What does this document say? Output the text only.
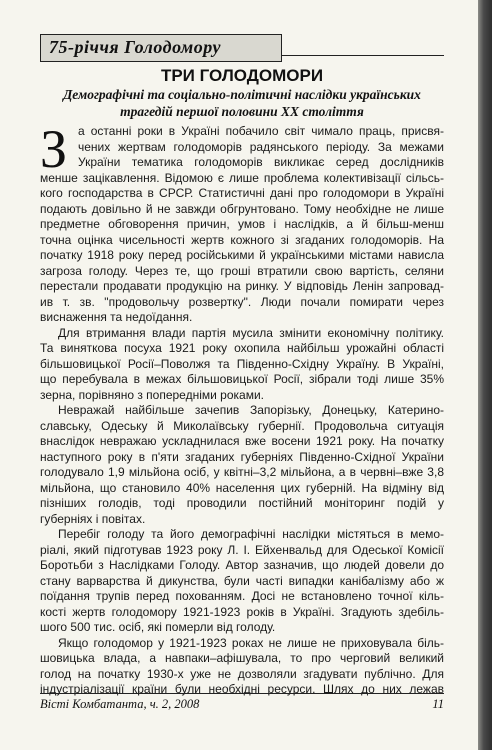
75-річчя Голодомору
ТРИ ГОЛОДОМОРИ
Демографічні та соціально-політичні наслідки українських
трагедій першої половини ХХ століття
З а останні роки в Україні побачило світ чимало праць, присвя-
чених жертвам голодоморів радянського періоду. За межами
України тематика голодоморів викликає серед дослідників
менше зацікавлення. Відомою є лише проблема колективізації сільсь-
кого господарства в СРСР. Статистичні дані про голодомори в Україні
подають довільно й не завжди обгрунтовано. Тому необхідне не лише
предметне обговорення причин, умов і наслідків, а й більш-менш
точна оцінка чисельності жертв кожного зі згаданих голодоморів. На
початку 1918 року перед російськими й українськими містами нависла
загроза голоду. Через те, що гроші втратили свою вартість, селяни
перестали продавати продукцію на ринку. У відповідь Ленін запровад-
ив т. зв. "продовольчу розвертку". Люди почали помирати через
виснаження та недоїдання.
Для втримання влади партія мусила змінити економічну політику.
Та виняткова посуха 1921 року охопила найбільш урожайні області
більшовицької Росії–Поволжя та Південно-Східну Україну. В Україні,
що перебувала в межах більшовицької Росії, зібрали тоді лише 35%
зерна, порівняно з попередніми роками.
Невражай найбільше зачепив Запорізьку, Донецьку, Катерино-
славську, Одеську й Миколаївську губернії. Продовольча ситуація
внаслідок невражаю ускладнилася вже восени 1921 року. На початку
наступного року в п'яти згаданих губерніях Південно-Східної України
голодувало 1,9 мільйона осіб, у квітні–3,2 мільйона, а в червні–вже 3,8
мільйона, що становило 40% населення цих губерній. На відміну від
пізніших голодів, тоді проводили постійний моніторинг подій у
губерніях і повітах.
Перебіг голоду та його демографічні наслідки містяться в мемо-
ріалі, який підготував 1923 року Л. І. Ейхенвальд для Одеської Комісії
Боротьби з Наслідками Голоду. Автор зазначив, що людей довели до
стану варварства й дикунства, були часті випадки канібалізму або ж
поїдання трупів перед похованням. Досі не встановлено точної кіль-
кості жертв голодомору 1921-1923 років в Україні. Згадують здебіль-
шого 500 тис. осіб, які померли від голоду.
Якщо голодомор у 1921-1923 роках не лише не приховувала біль-
шовицька влада, а навпаки–афішувала, то про черговий великий
голод на початку 1930-х уже не дозволяли згадувати публічно. Для
індустріалізації країни були необхідні ресурси. Шлях до них лежав
Вісті Комбатанта, ч. 2, 2008	11
